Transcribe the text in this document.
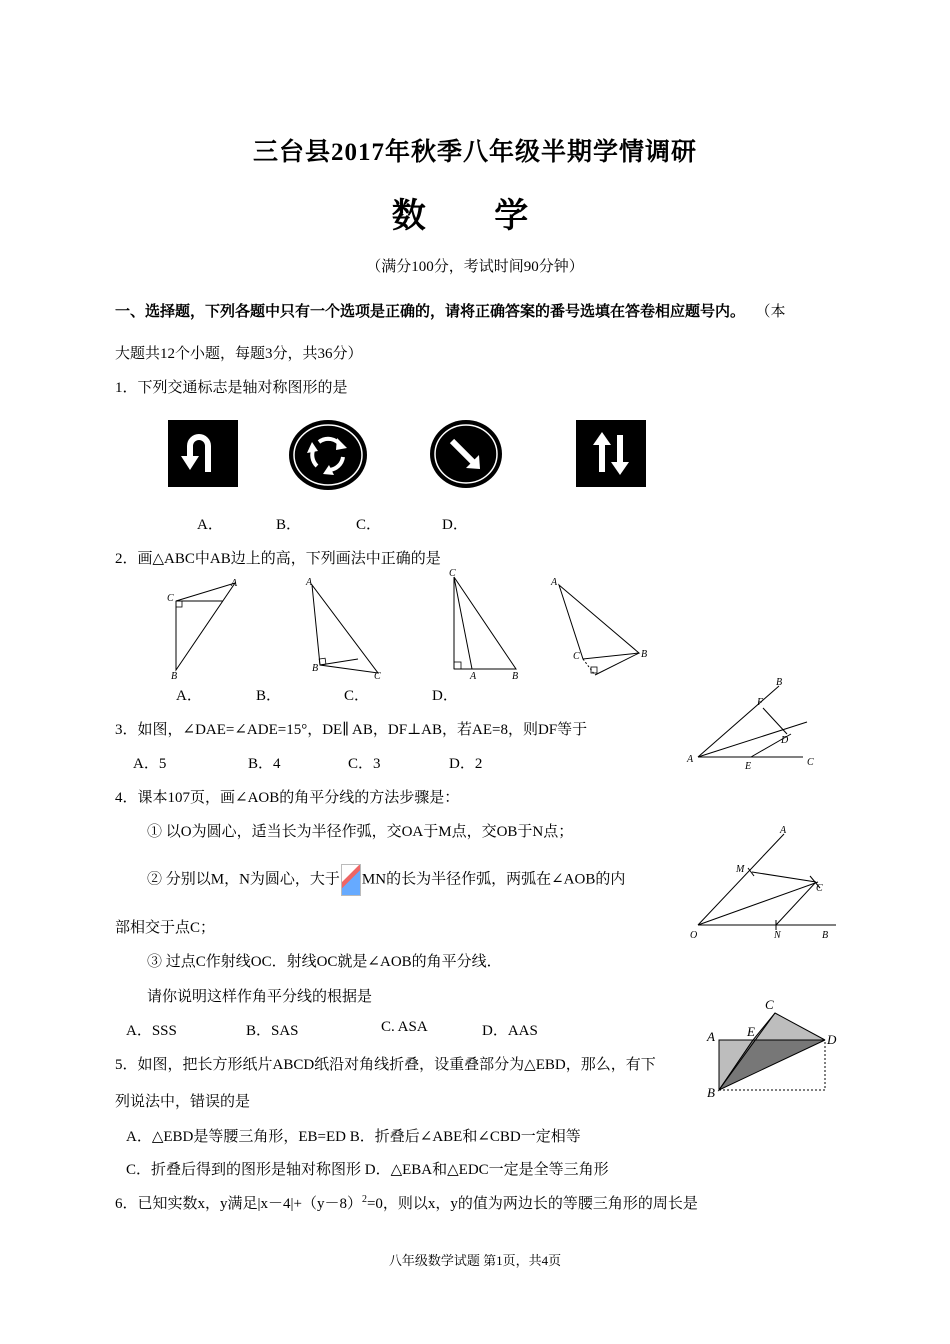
三台县2017年秋季八年级半期学情调研
数 学
（满分100分，考试时间90分钟）
一、选择题，下列各题中只有一个选项是正确的，请将正确答案的番号选填在答卷相应题号内。 （本
大题共12个小题，每题3分，共36分）
1．下列交通标志是轴对称图形的是
A．	B．	C．	D．
2．画△ABC中AB边上的高，下列画法中正确的是
C
A
B
A
B
C
C
A	B
A
C	B
A．	B．	C．	D．
3．如图，∠DAE=∠ADE=15°，DE∥ AB，DF⊥AB，若AE=8，则DF等于
A．5	B．4	C．3	D．2
B
F
D
A
E	C
4．课本107页，画∠AOB的角平分线的方法步骤是：
① 以O为圆心，适当长为半径作弧，交OA于M点，交OB于N点；
② 分别以M，N为圆心，大于 MN的长为半径作弧，两弧在∠AOB的内
部相交于点C；
③ 过点C作射线OC．射线OC就是∠AOB的角平分线．
请你说明这样作角平分线的根据是
A．SSS	B．SAS	C. ASA	D．AAS
A
M
C
O	N	B
5．如图，把长方形纸片ABCD纸沿对角线折叠，设重叠部分为△EBD，那么，有下
列说法中，错误的是
A．△EBD是等腰三角形，EB=ED B．折叠后∠ABE和∠CBD一定相等
C．折叠后得到的图形是轴对称图形 D．△EBA和△EDC一定是全等三角形
C
E
A	D
B
6．已知实数x，y满足$|x-4|+(y-8)^2=0$，则以x，y的值为两边长的等腰三角形的周长是
八年级数学试题 第1页，共4页
